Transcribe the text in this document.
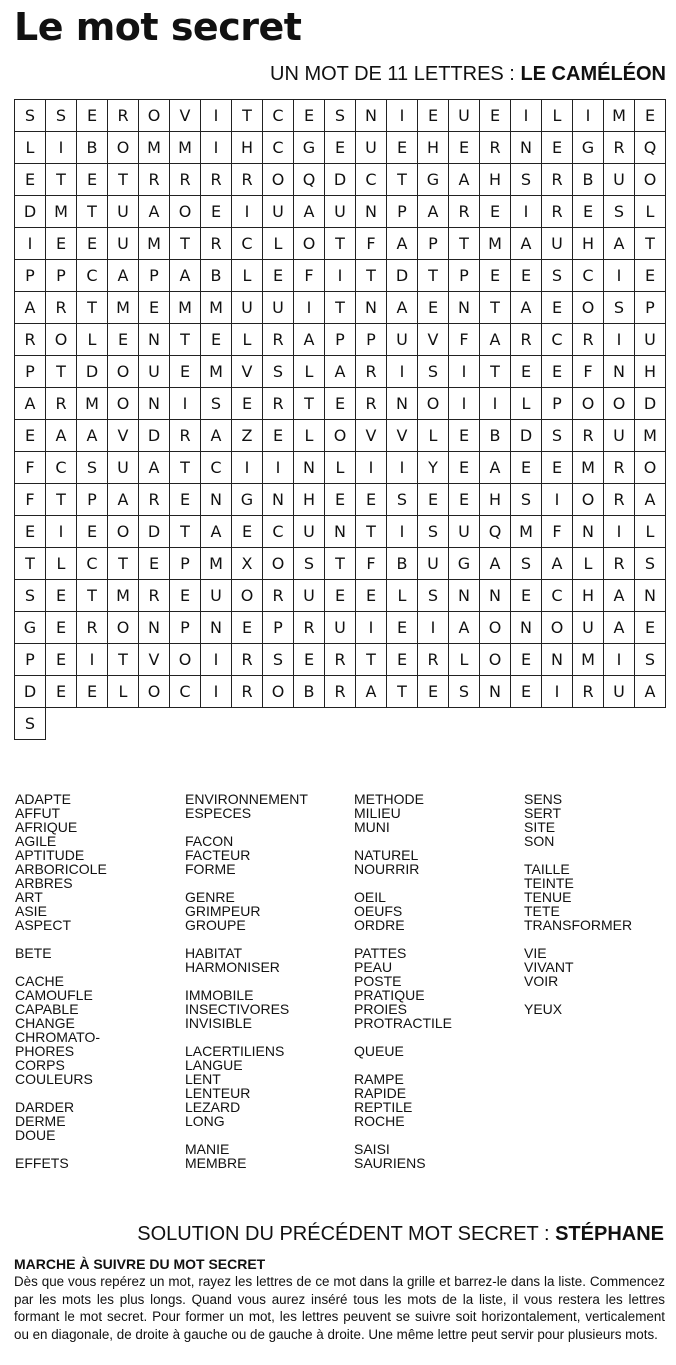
Le mot secret
UN MOT DE 11 LETTRES : LE CAMÉLÉON
S	S	E	R	O	V	I	T	C	E	S	N	I	E	U	E	I	L	I	M	E
L	I	B	O	M	M	I	H	C	G	E	U	E	H	E	R	N	E	G	R	Q
E	T	E	T	R	R	R	R	O	Q	D	C	T	G	A	H	S	R	B	U	O
D	M	T	U	A	O	E	I	U	A	U	N	P	A	R	E	I	R	E	S	L
I	E	E	U	M	T	R	C	L	O	T	F	A	P	T	M	A	U	H	A	T
P	P	C	A	P	A	B	L	E	F	I	T	D	T	P	E	E	S	C	I	E
A	R	T	M	E	M	M	U	U	I	T	N	A	E	N	T	A	E	O	S	P
R	O	L	E	N	T	E	L	R	A	P	P	U	V	F	A	R	C	R	I	U
P	T	D	O	U	E	M	V	S	L	A	R	I	S	I	T	E	E	F	N	H
A	R	M	O	N	I	S	E	R	T	E	R	N	O	I	I	L	P	O	O	D
E	A	A	V	D	R	A	Z	E	L	O	V	V	L	E	B	D	S	R	U	M
F	C	S	U	A	T	C	I	I	N	L	I	I	Y	E	A	E	E	M	R	O
F	T	P	A	R	E	N	G	N	H	E	E	S	E	E	H	S	I	O	R	A
E	I	E	O	D	T	A	E	C	U	N	T	I	S	U	Q	M	F	N	I	L
T	L	C	T	E	P	M	X	O	S	T	F	B	U	G	A	S	A	L	R	S
S	E	T	M	R	E	U	O	R	U	E	E	L	S	N	N	E	C	H	A	N
G	E	R	O	N	P	N	E	P	R	U	I	E	I	A	O	N	O	U	A	E
P	E	I	T	V	O	I	R	S	E	R	T	E	R	L	O	E	N	M	I	S
D	E	E	L	O	C	I	R	O	B	R	A	T	E	S	N	E	I	R	U	A
S
ADAPTE
AFFUT
AFRIQUE
AGILE
APTITUDE
ARBORICOLE
ARBRES
ART
ASIE
ASPECT
BETE
CACHE
CAMOUFLE
CAPABLE
CHANGE
CHROMATO-
PHORES
CORPS
COULEURS
DARDER
DERME
DOUE
EFFETS
ENVIRONNEMENT
ESPECES
FACON
FACTEUR
FORME
GENRE
GRIMPEUR
GROUPE
HABITAT
HARMONISER
IMMOBILE
INSECTIVORES
INVISIBLE
LACERTILIENS
LANGUE
LENT
LENTEUR
LEZARD
LONG
MANIE
MEMBRE
METHODE
MILIEU
MUNI
NATUREL
NOURRIR
OEIL
OEUFS
ORDRE
PATTES
PEAU
POSTE
PRATIQUE
PROIES
PROTRACTILE
QUEUE
RAMPE
RAPIDE
REPTILE
ROCHE
SAISI
SAURIENS
SENS
SERT
SITE
SON
TAILLE
TEINTE
TENUE
TETE
TRANSFORMER
VIE
VIVANT
VOIR
YEUX
SOLUTION DU PRÉCÉDENT MOT SECRET : STÉPHANE
MARCHE À SUIVRE DU MOT SECRET

Dès que vous repérez un mot, rayez les lettres de ce mot dans la grille et barrez-le dans la liste. Commencez par les mots les plus longs. Quand vous aurez inséré tous les mots de la liste, il vous restera les lettres formant le mot secret. Pour former un mot, les lettres peuvent se suivre soit horizontalement, verticalement ou en diagonale, de droite à gauche ou de gauche à droite. Une même lettre peut servir pour plusieurs mots.
